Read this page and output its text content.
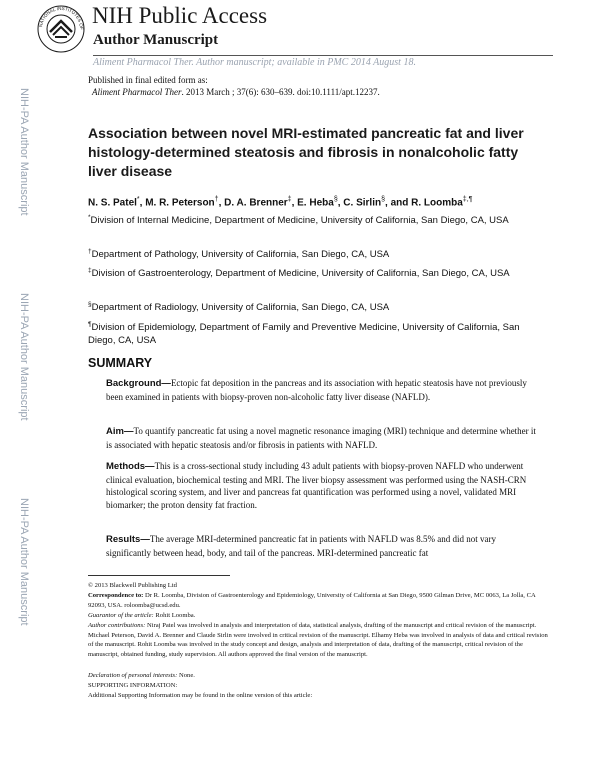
NATIONAL INSTITUTES OF
NIH Public Access
Author Manuscript
Aliment Pharmacol Ther. Author manuscript; available in PMC 2014 August 18.
Published in final edited form as:
Aliment Pharmacol Ther. 2013 March ; 37(6): 630–639. doi:10.1111/apt.12237.
NIH-PA Author Manuscript
NIH-PA Author Manuscript
NIH-PA Author Manuscript
Association between novel MRI-estimated pancreatic fat and liver histology-determined steatosis and fibrosis in nonalcoholic fatty liver disease
N. S. Patel*, M. R. Peterson†, D. A. Brenner‡, E. Heba§, C. Sirlin§, and R. Loomba‡,¶
*Division of Internal Medicine, Department of Medicine, University of California, San Diego, CA, USA
†Department of Pathology, University of California, San Diego, CA, USA
‡Division of Gastroenterology, Department of Medicine, University of California, San Diego, CA, USA
§Department of Radiology, University of California, San Diego, CA, USA
¶Division of Epidemiology, Department of Family and Preventive Medicine, University of California, San Diego, CA, USA
SUMMARY
Background—Ectopic fat deposition in the pancreas and its association with hepatic steatosis have not previously been examined in patients with biopsy-proven non-alcoholic fatty liver disease (NAFLD).
Aim—To quantify pancreatic fat using a novel magnetic resonance imaging (MRI) technique and determine whether it is associated with hepatic steatosis and/or fibrosis in patients with NAFLD.
Methods—This is a cross-sectional study including 43 adult patients with biopsy-proven NAFLD who underwent clinical evaluation, biochemical testing and MRI. The liver biopsy assessment was performed using the NASH-CRN histological scoring system, and liver and pancreas fat quantification was performed using a novel, validated MRI biomarker; the proton density fat fraction.
Results—The average MRI-determined pancreatic fat in patients with NAFLD was 8.5% and did not vary significantly between head, body, and tail of the pancreas. MRI-determined pancreatic fat
© 2013 Blackwell Publishing Ltd
Correspondence to: Dr R. Loomba, Division of Gastroenterology and Epidemiology, University of California at San Diego, 9500 Gilman Drive, MC 0063, La Jolla, CA 92093, USA. roloomba@ucsd.edu.
Guarantor of the article: Rohit Loomba.
Author contributions: Niraj Patel was involved in analysis and interpretation of data, statistical analysis, drafting of the manuscript and critical revision of the manuscript. Michael Peterson, David A. Brenner and Claude Sirlin were involved in critical revision of the manuscript. Elhamy Heba was involved in analysis of data and critical revision of the manuscript. Rohit Loomba was involved in the study concept and design, analysis and interpretation of data, drafting of the manuscript, critical revision of the manuscript, obtained funding, study supervision. All authors approved the final version of the manuscript.
Declaration of personal interests: None.
SUPPORTING INFORMATION:
Additional Supporting Information may be found in the online version of this article:
